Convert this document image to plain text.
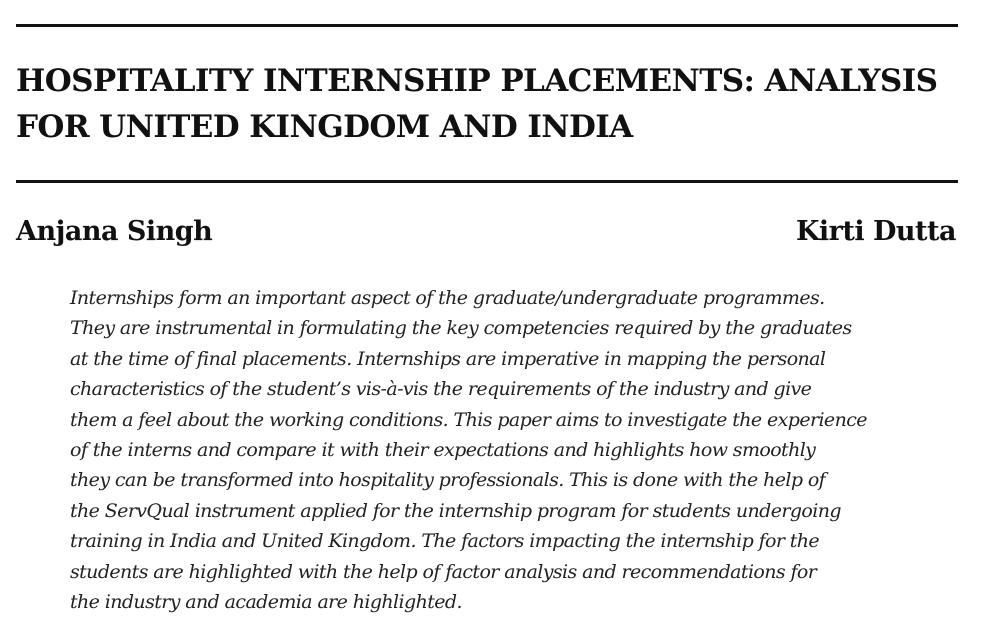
HOSPITALITY INTERNSHIP PLACEMENTS: ANALYSIS
FOR UNITED KINGDOM AND INDIA
Anjana Singh	Kirti Dutta
Internships form an important aspect of the graduate/undergraduate programmes.
They are instrumental in formulating the key competencies required by the graduates
at the time of final placements. Internships are imperative in mapping the personal
characteristics of the student’s vis-à-vis the requirements of the industry and give
them a feel about the working conditions. This paper aims to investigate the experience
of the interns and compare it with their expectations and highlights how smoothly
they can be transformed into hospitality professionals. This is done with the help of
the ServQual instrument applied for the internship program for students undergoing
training in India and United Kingdom. The factors impacting the internship for the
students are highlighted with the help of factor analysis and recommendations for
the industry and academia are highlighted.
